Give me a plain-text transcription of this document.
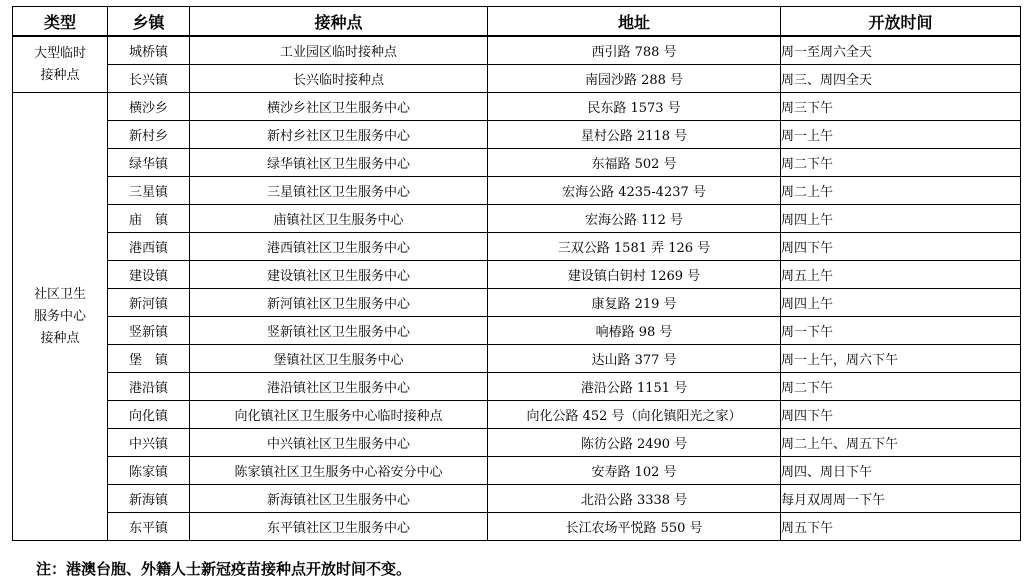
类型	乡镇	接种点	地址	开放时间

大型临时
接种点	城桥镇	工业园区临时接种点	西引路 788 号	周一至周六全天
	长兴镇	长兴临时接种点	南园沙路 288 号	周三、周四全天

社区卫生
服务中心
接种点	横沙乡	横沙乡社区卫生服务中心	民东路 1573 号	周三下午
	新村乡	新村乡社区卫生服务中心	星村公路 2118 号	周一上午
	绿华镇	绿华镇社区卫生服务中心	东福路 502 号	周二下午
	三星镇	三星镇社区卫生服务中心	宏海公路 4235-4237 号	周二上午
	庙　镇	庙镇社区卫生服务中心	宏海公路 112 号	周四上午
	港西镇	港西镇社区卫生服务中心	三双公路 1581 弄 126 号	周四下午
	建设镇	建设镇社区卫生服务中心	建设镇白钥村 1269 号	周五上午
	新河镇	新河镇社区卫生服务中心	康复路 219 号	周四上午
	竖新镇	竖新镇社区卫生服务中心	响椿路 98 号	周一下午
	堡　镇	堡镇社区卫生服务中心	达山路 377 号	周一上午，周六下午
	港沿镇	港沿镇社区卫生服务中心	港沿公路 1151 号	周二下午
	向化镇	向化镇社区卫生服务中心临时接种点	向化公路 452 号（向化镇阳光之家）	周四下午
	中兴镇	中兴镇社区卫生服务中心	陈彷公路 2490 号	周二上午、周五下午
	陈家镇	陈家镇社区卫生服务中心裕安分中心	安寿路 102 号	周四、周日下午
	新海镇	新海镇社区卫生服务中心	北沿公路 3338 号	每月双周周一下午
	东平镇	东平镇社区卫生服务中心	长江农场平悦路 550 号	周五下午
注：港澳台胞、外籍人士新冠疫苗接种点开放时间不变。
